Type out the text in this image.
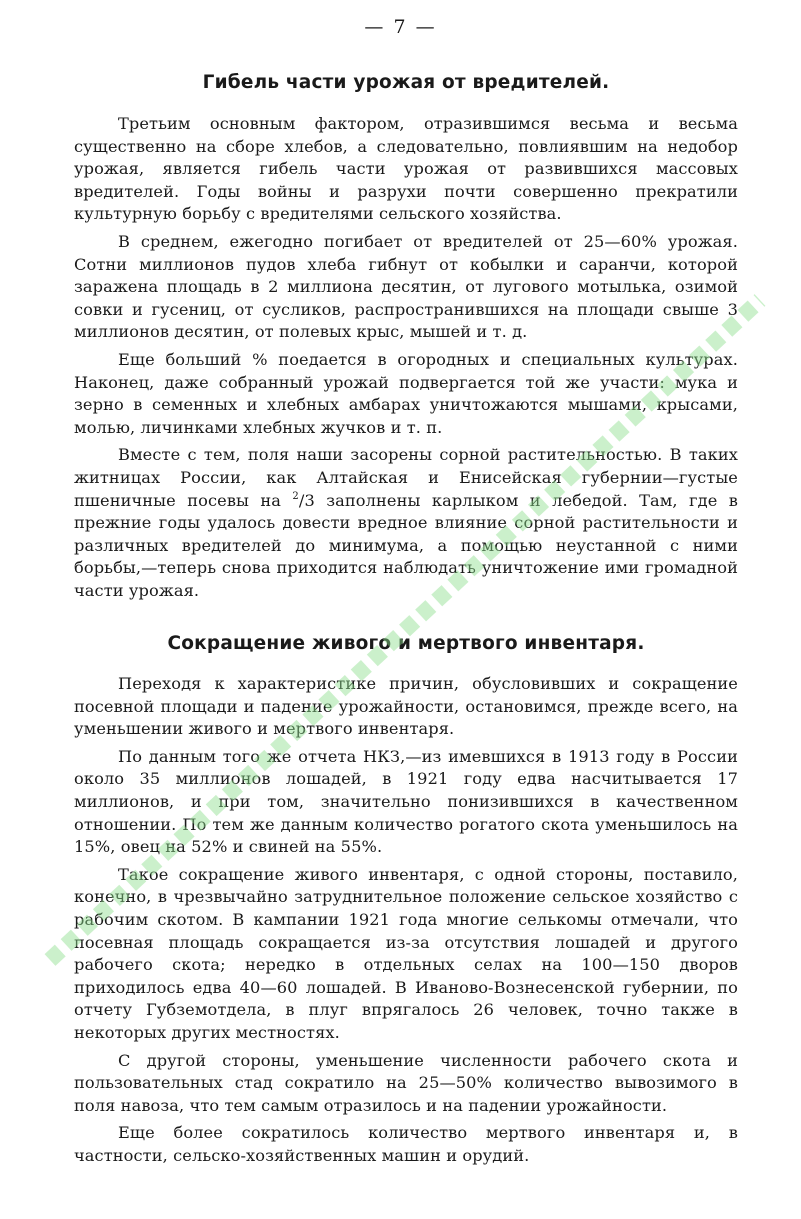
— 7 —
Гибель части урожая от вредителей.

Третьим основным фактором, отразившимся весьма и весьма существенно на сборе хлебов, а следовательно, повлиявшим на недобор урожая, является гибель части урожая от развившихся массовых вредителей. Годы войны и разрухи почти совершенно прекратили культурную борьбу с вредителями сельского хозяйства.

В среднем, ежегодно погибает от вредителей от 25—60% урожая. Сотни миллионов пудов хлеба гибнут от кобылки и саранчи, которой заражена площадь в 2 миллиона десятин, от лугового мотылька, озимой совки и гусениц, от сусликов, распространившихся на площади свыше 3 миллионов десятин, от полевых крыс, мышей и т. д.

Еще больший % поедается в огородных и специальных культурах. Наконец, даже собранный урожай подвергается той же участи: мука и зерно в семенных и хлебных амбарах уничтожаются мышами, крысами, молью, личинками хлебных жучков и т. п.

Вместе с тем, поля наши засорены сорной растительностью. В таких житницах России, как Алтайская и Енисейская губернии—густые пшеничные посевы на $^2$/3 заполнены карлыком и лебедой. Там, где в прежние годы удалось довести вредное влияние сорной растительности и различных вредителей до минимума, а помощью неустанной с ними борьбы,—теперь снова приходится наблюдать уничтожение ими громадной части урожая.

Сокращение живого и мертвого инвентаря.

Переходя к характеристике причин, обусловивших и сокращение посевной площади и падение урожайности, остановимся, прежде всего, на уменьшении живого и мертвого инвентаря.

По данным того же отчета НКЗ,—из имевшихся в 1913 году в России около 35 миллионов лошадей, в 1921 году едва насчитывается 17 миллионов, и при том, значительно понизившихся в качественном отношении. По тем же данным количество рогатого скота уменьшилось на 15%, овец на 52% и свиней на 55%.

Такое сокращение живого инвентаря, с одной стороны, поставило, конечно, в чрезвычайно затруднительное положение сельское хозяйство с рабочим скотом. В кампании 1921 года многие селькомы отмечали, что посевная площадь сокращается из-за отсутствия лошадей и другого рабочего скота; нередко в отдельных селах на 100—150 дворов приходилось едва 40—60 лошадей. В Иваново-Вознесенской губернии, по отчету Губземотдела, в плуг впрягалось 26 человек, точно также в некоторых других местностях.

С другой стороны, уменьшение численности рабочего скота и пользовательных стад сократило на 25—50% количество вывозимого в поля навоза, что тем самым отразилось и на падении урожайности.

Еще более сократилось количество мертвого инвентаря и, в частности, сельско-хозяйственных машин и орудий.
